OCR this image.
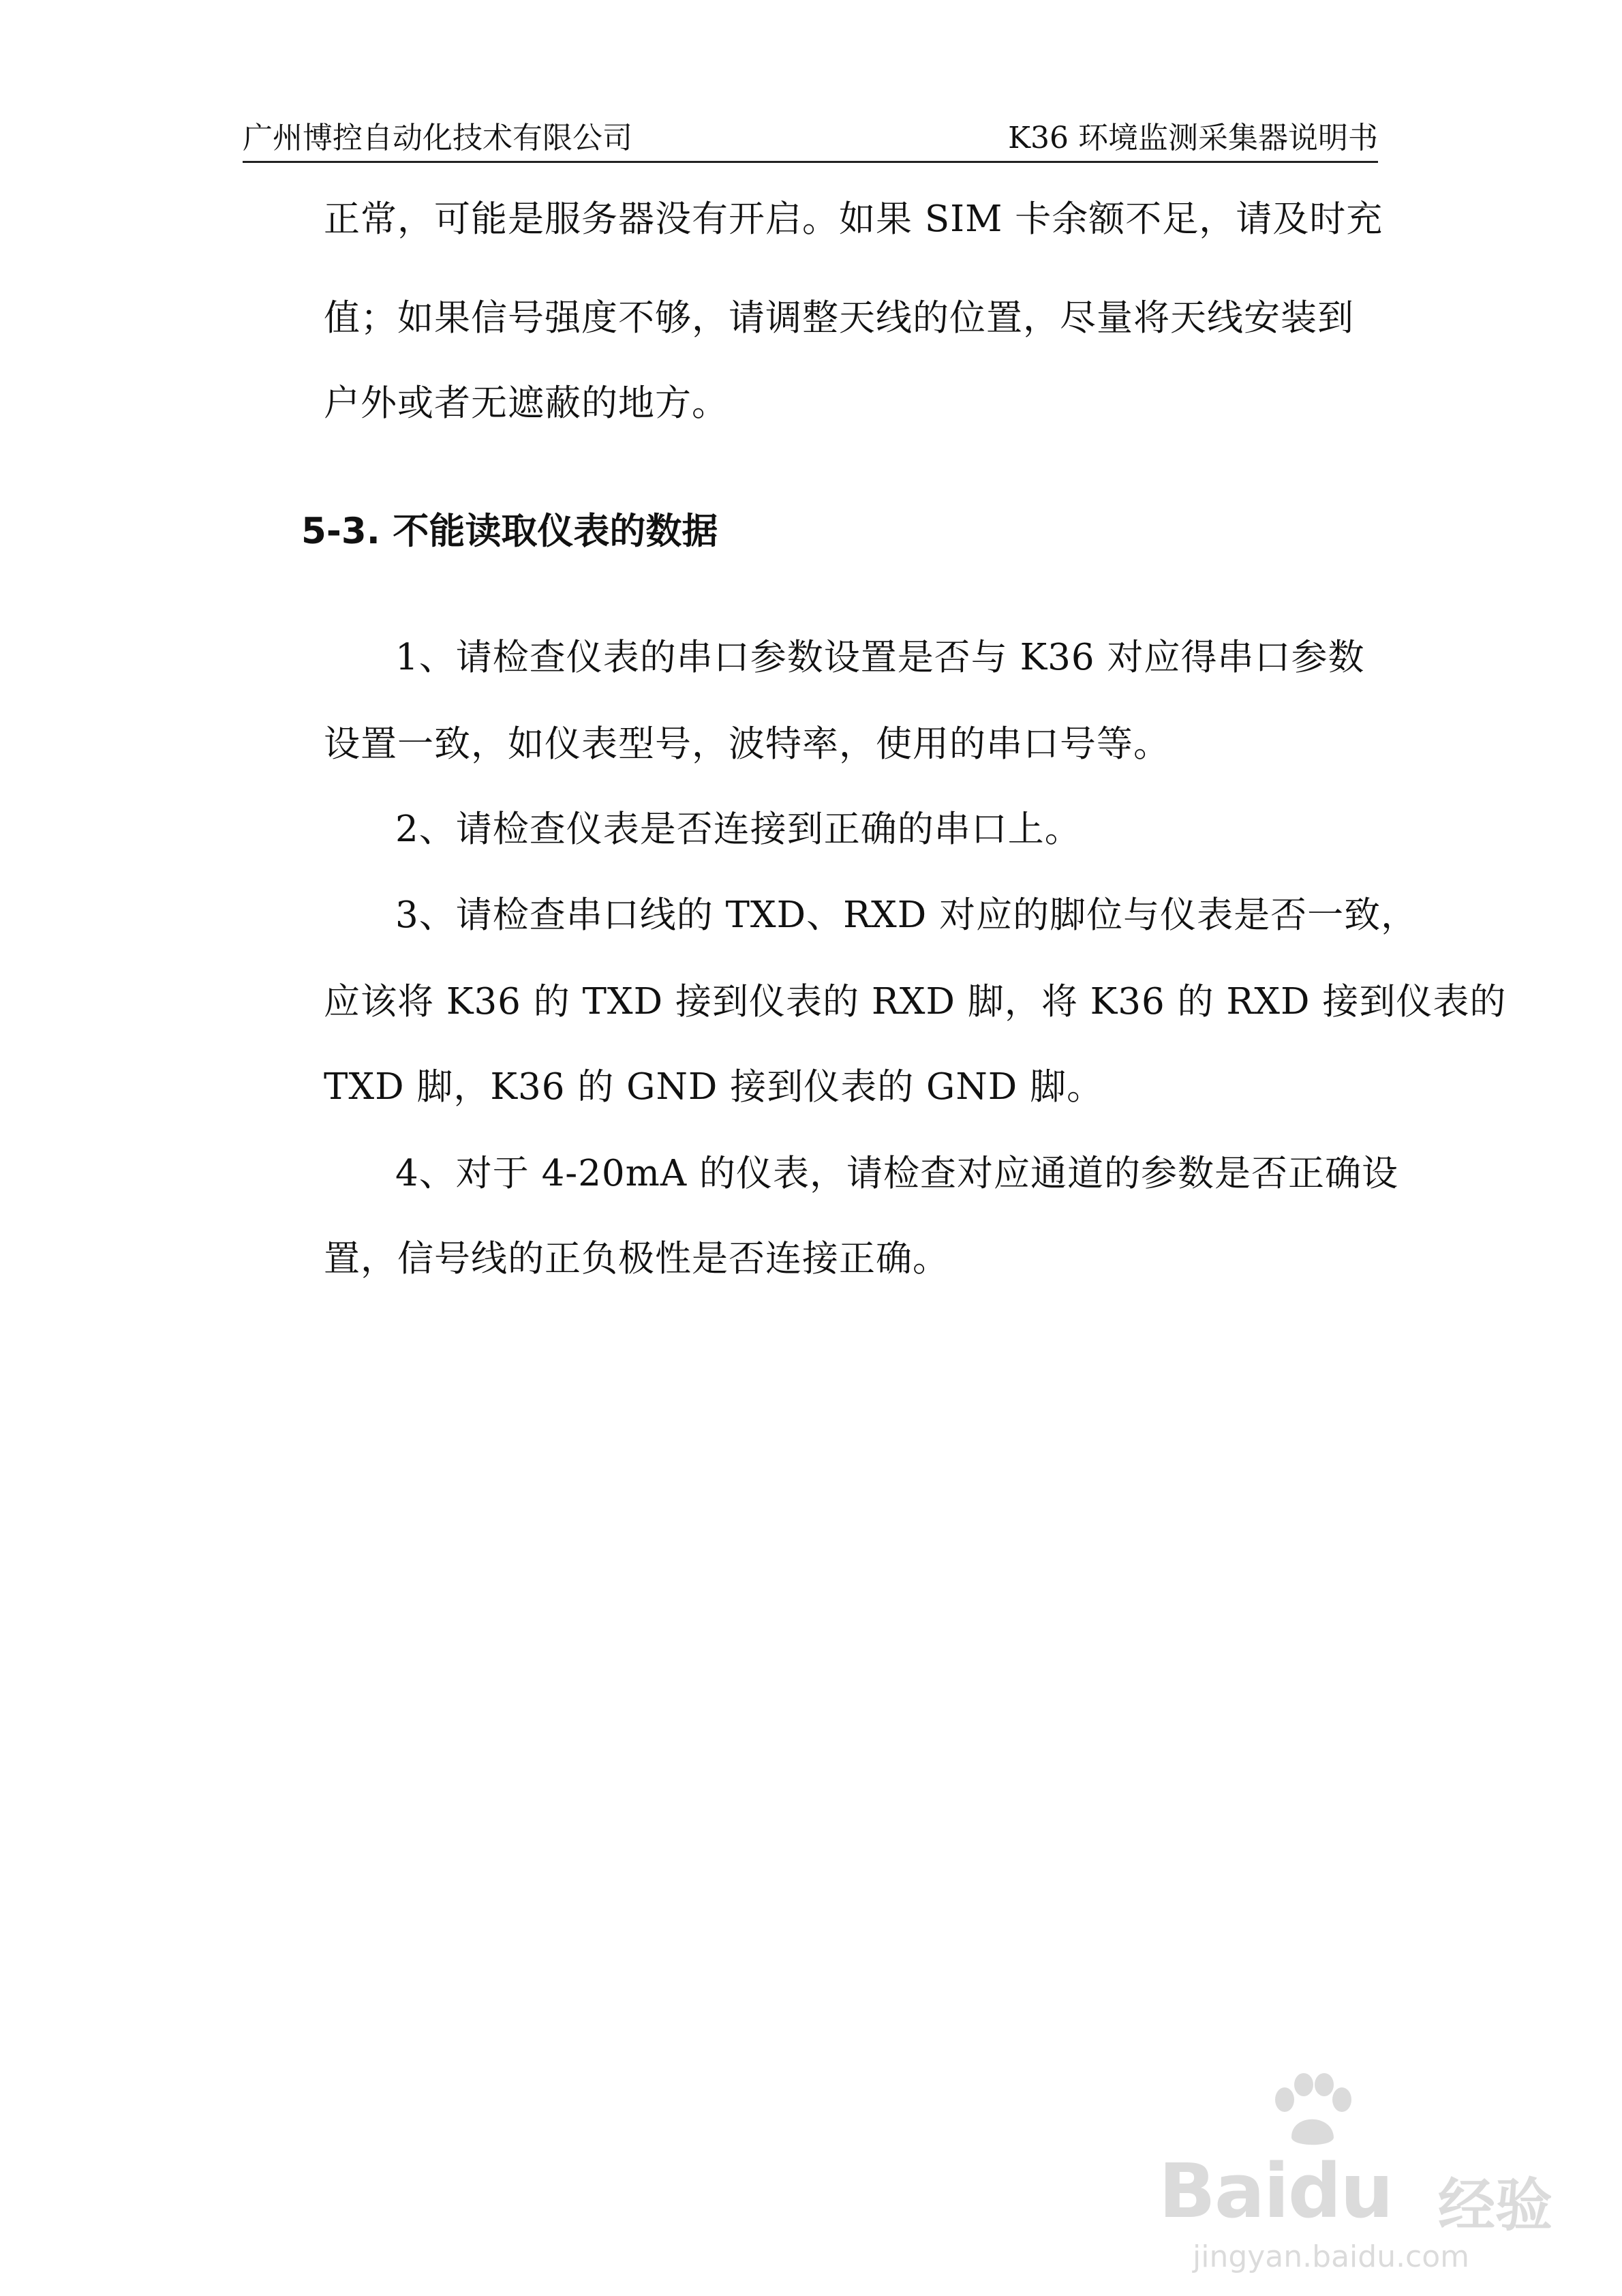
广州博控自动化技术有限公司	K36 环境监测采集器说明书
正常，可能是服务器没有开启。如果 SIM 卡余额不足，请及时充
值；如果信号强度不够，请调整天线的位置，尽量将天线安装到
户外或者无遮蔽的地方。
5-3. 不能读取仪表的数据
1、请检查仪表的串口参数设置是否与 K36 对应得串口参数
设置一致，如仪表型号，波特率，使用的串口号等。
2、请检查仪表是否连接到正确的串口上。
3、请检查串口线的 TXD、RXD 对应的脚位与仪表是否一致，
应该将 K36 的 TXD 接到仪表的 RXD 脚，将 K36 的 RXD 接到仪表的
TXD 脚，K36 的 GND 接到仪表的 GND 脚。
4、对于 4-20mA 的仪表，请检查对应通道的参数是否正确设
置，信号线的正负极性是否连接正确。
Baidu 经验
jingyan.baidu.com
